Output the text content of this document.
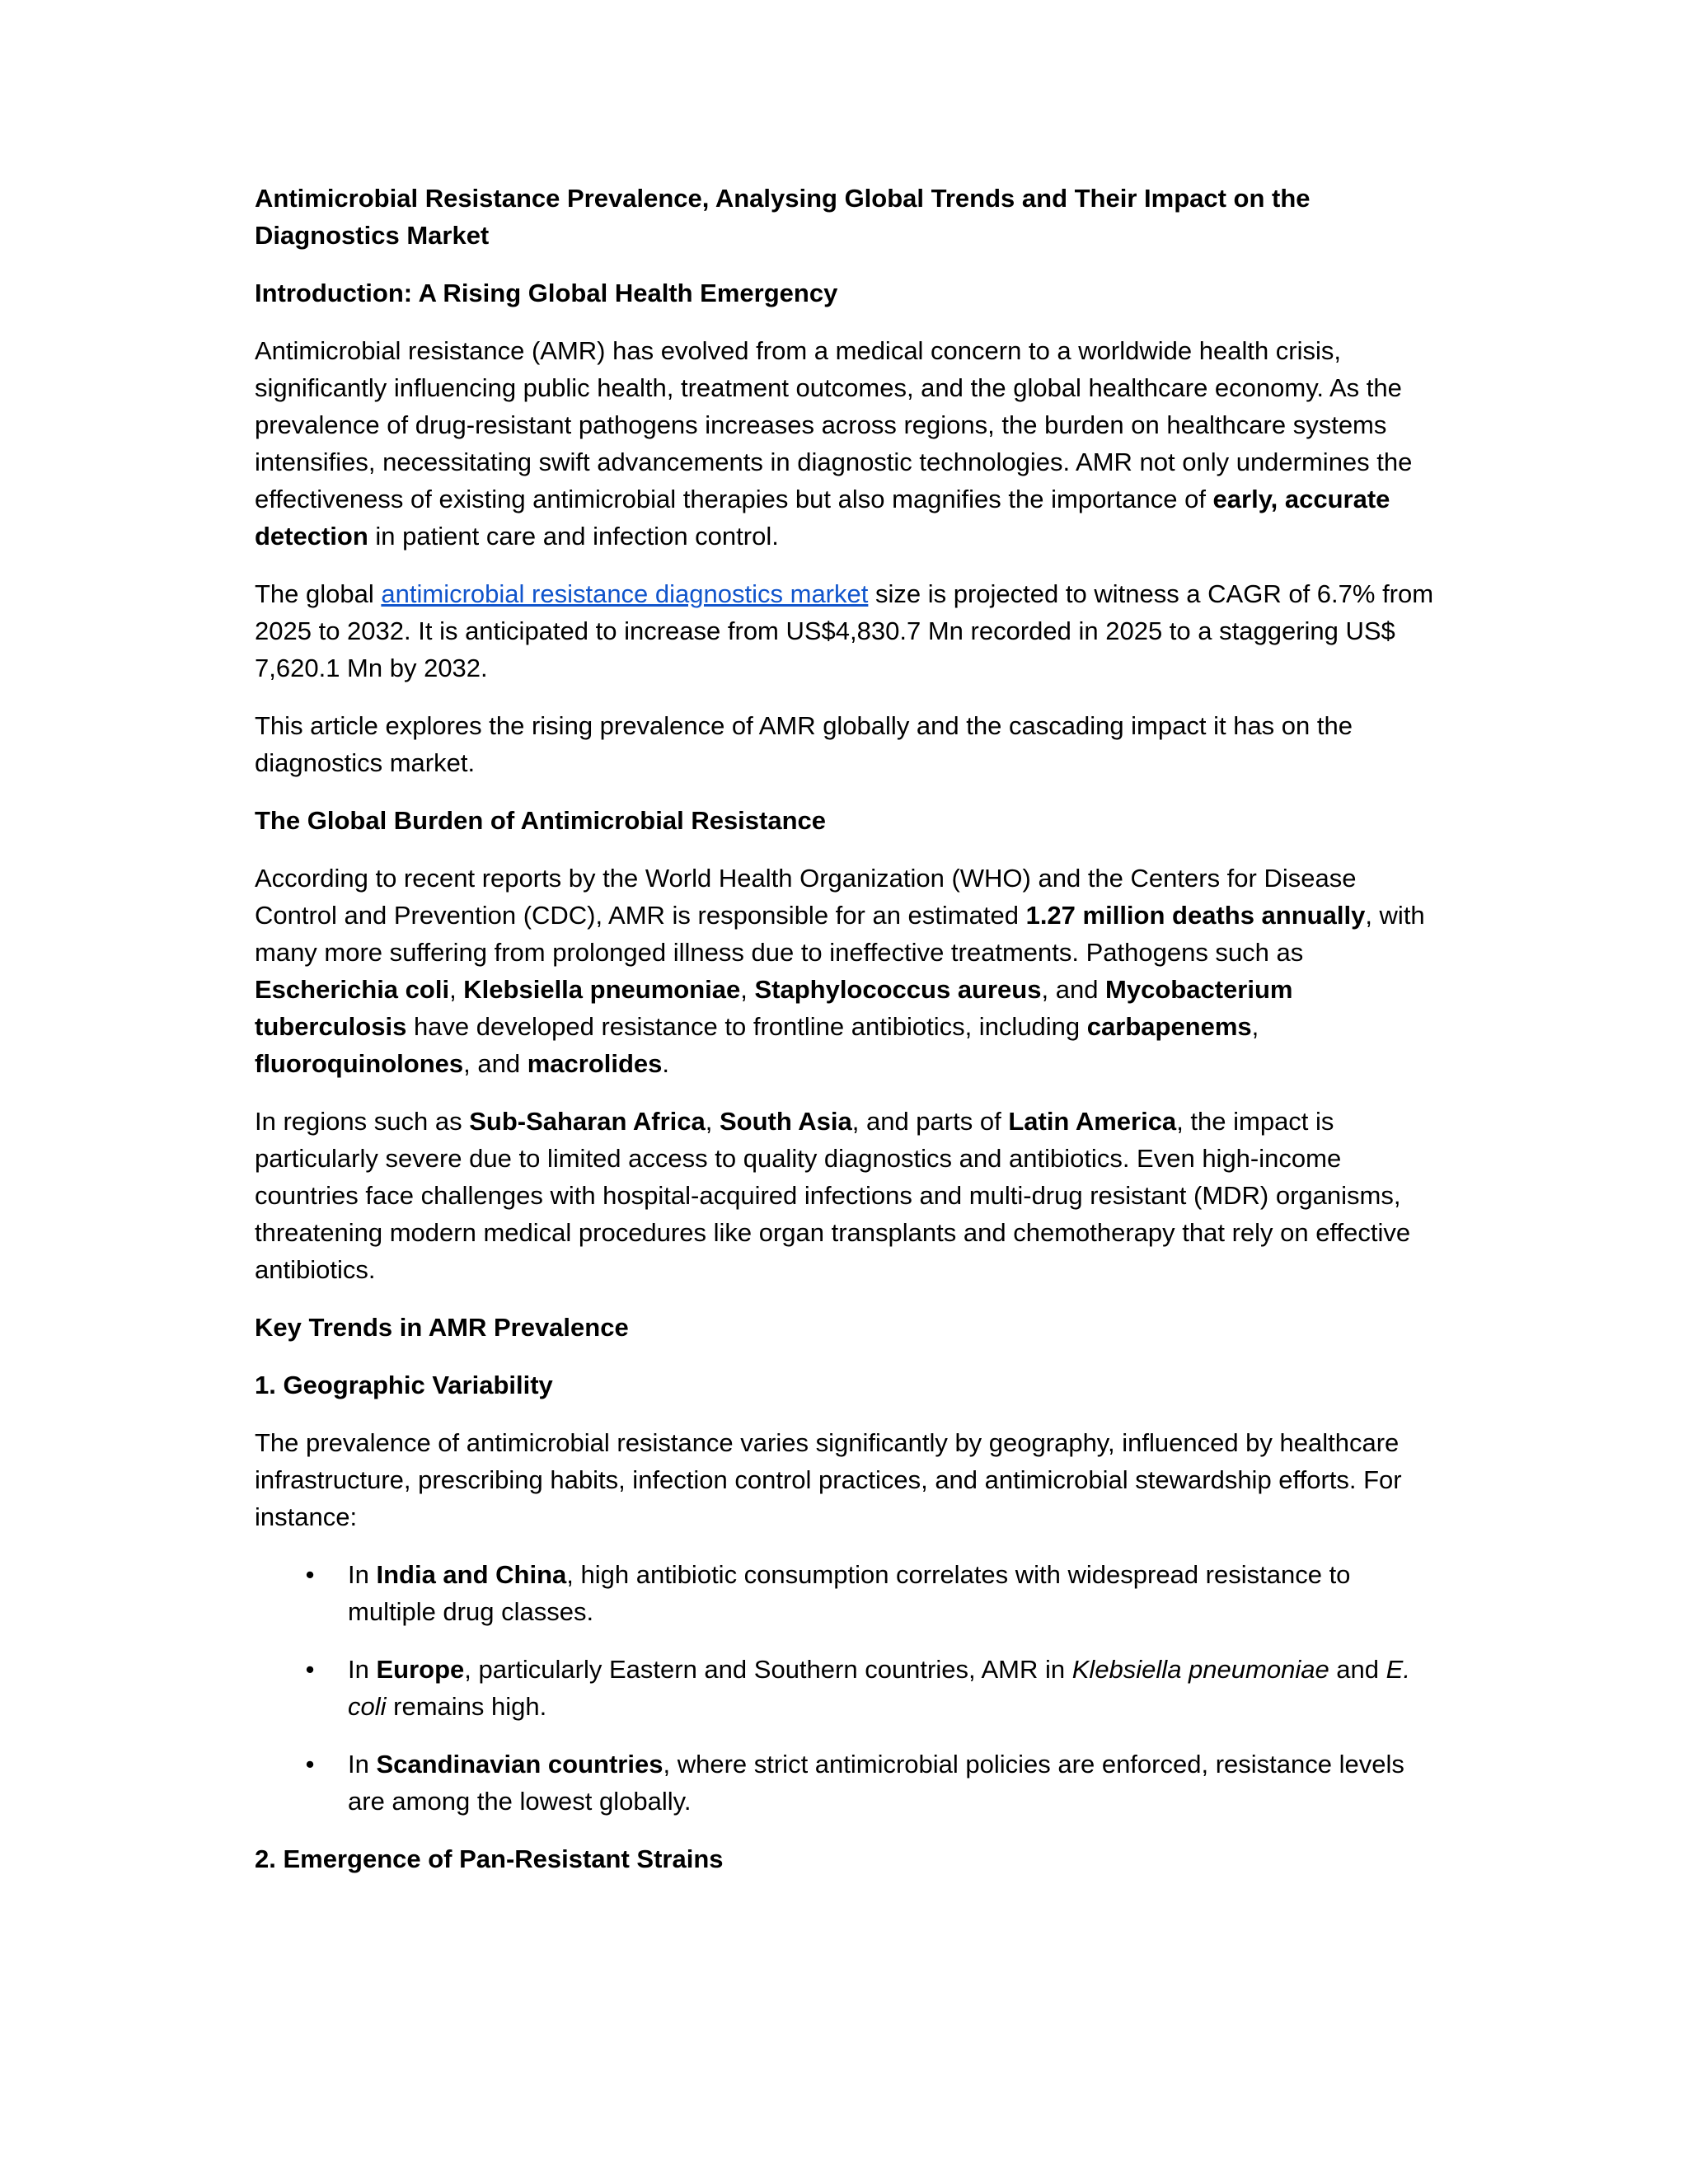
Antimicrobial Resistance Prevalence, Analysing Global Trends and Their Impact on the Diagnostics Market

Introduction: A Rising Global Health Emergency

Antimicrobial resistance (AMR) has evolved from a medical concern to a worldwide health crisis, significantly influencing public health, treatment outcomes, and the global healthcare economy. As the prevalence of drug-resistant pathogens increases across regions, the burden on healthcare systems intensifies, necessitating swift advancements in diagnostic technologies. AMR not only undermines the effectiveness of existing antimicrobial therapies but also magnifies the importance of early, accurate detection in patient care and infection control.

The global antimicrobial resistance diagnostics market size is projected to witness a CAGR of 6.7% from 2025 to 2032. It is anticipated to increase from US$4,830.7 Mn recorded in 2025 to a staggering US$ 7,620.1 Mn by 2032.

This article explores the rising prevalence of AMR globally and the cascading impact it has on the diagnostics market.

The Global Burden of Antimicrobial Resistance

According to recent reports by the World Health Organization (WHO) and the Centers for Disease Control and Prevention (CDC), AMR is responsible for an estimated 1.27 million deaths annually, with many more suffering from prolonged illness due to ineffective treatments. Pathogens such as Escherichia coli, Klebsiella pneumoniae, Staphylococcus aureus, and Mycobacterium tuberculosis have developed resistance to frontline antibiotics, including carbapenems, fluoroquinolones, and macrolides.

In regions such as Sub-Saharan Africa, South Asia, and parts of Latin America, the impact is particularly severe due to limited access to quality diagnostics and antibiotics. Even high-income countries face challenges with hospital-acquired infections and multi-drug resistant (MDR) organisms, threatening modern medical procedures like organ transplants and chemotherapy that rely on effective antibiotics.

Key Trends in AMR Prevalence

1. Geographic Variability

The prevalence of antimicrobial resistance varies significantly by geography, influenced by healthcare infrastructure, prescribing habits, infection control practices, and antimicrobial stewardship efforts. For instance:

• In India and China, high antibiotic consumption correlates with widespread resistance to multiple drug classes.
• In Europe, particularly Eastern and Southern countries, AMR in Klebsiella pneumoniae and E. coli remains high.
• In Scandinavian countries, where strict antimicrobial policies are enforced, resistance levels are among the lowest globally.

2. Emergence of Pan-Resistant Strains
